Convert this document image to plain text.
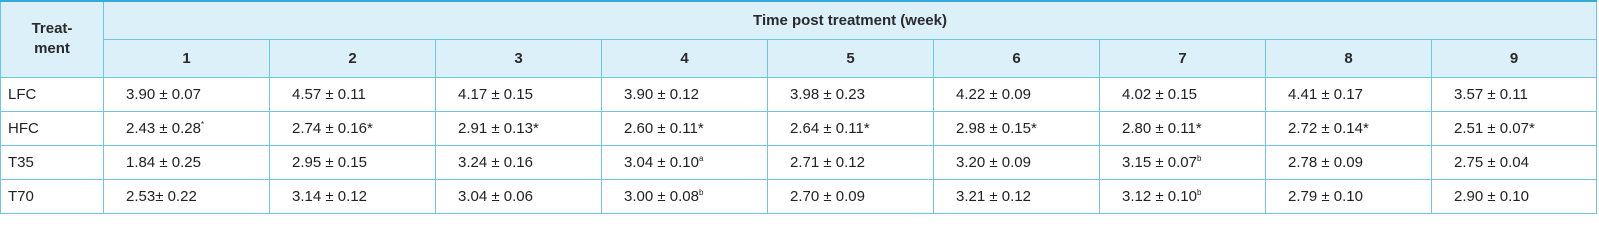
Treat-
ment	Time post treatment (week)								
	1	2	3	4	5	6	7	8	9
LFC	3.90 ± 0.07	4.57 ± 0.11	4.17 ± 0.15	3.90 ± 0.12	3.98 ± 0.23	4.22 ± 0.09	4.02 ± 0.15	4.41 ± 0.17	3.57 ± 0.11
HFC	2.43 ± 0.28*	2.74 ± 0.16*	2.91 ± 0.13*	2.60 ± 0.11*	2.64 ± 0.11*	2.98 ± 0.15*	2.80 ± 0.11*	2.72 ± 0.14*	2.51 ± 0.07*
T35	1.84 ± 0.25	2.95 ± 0.15	3.24 ± 0.16	3.04 ± 0.10$^a$	2.71 ± 0.12	3.20 ± 0.09	3.15 ± 0.07$^b$	2.78 ± 0.09	2.75 ± 0.04
T70	2.53± 0.22	3.14 ± 0.12	3.04 ± 0.06	3.00 ± 0.08$^b$	2.70 ± 0.09	3.21 ± 0.12	3.12 ± 0.10$^b$	2.79 ± 0.10	2.90 ± 0.10
